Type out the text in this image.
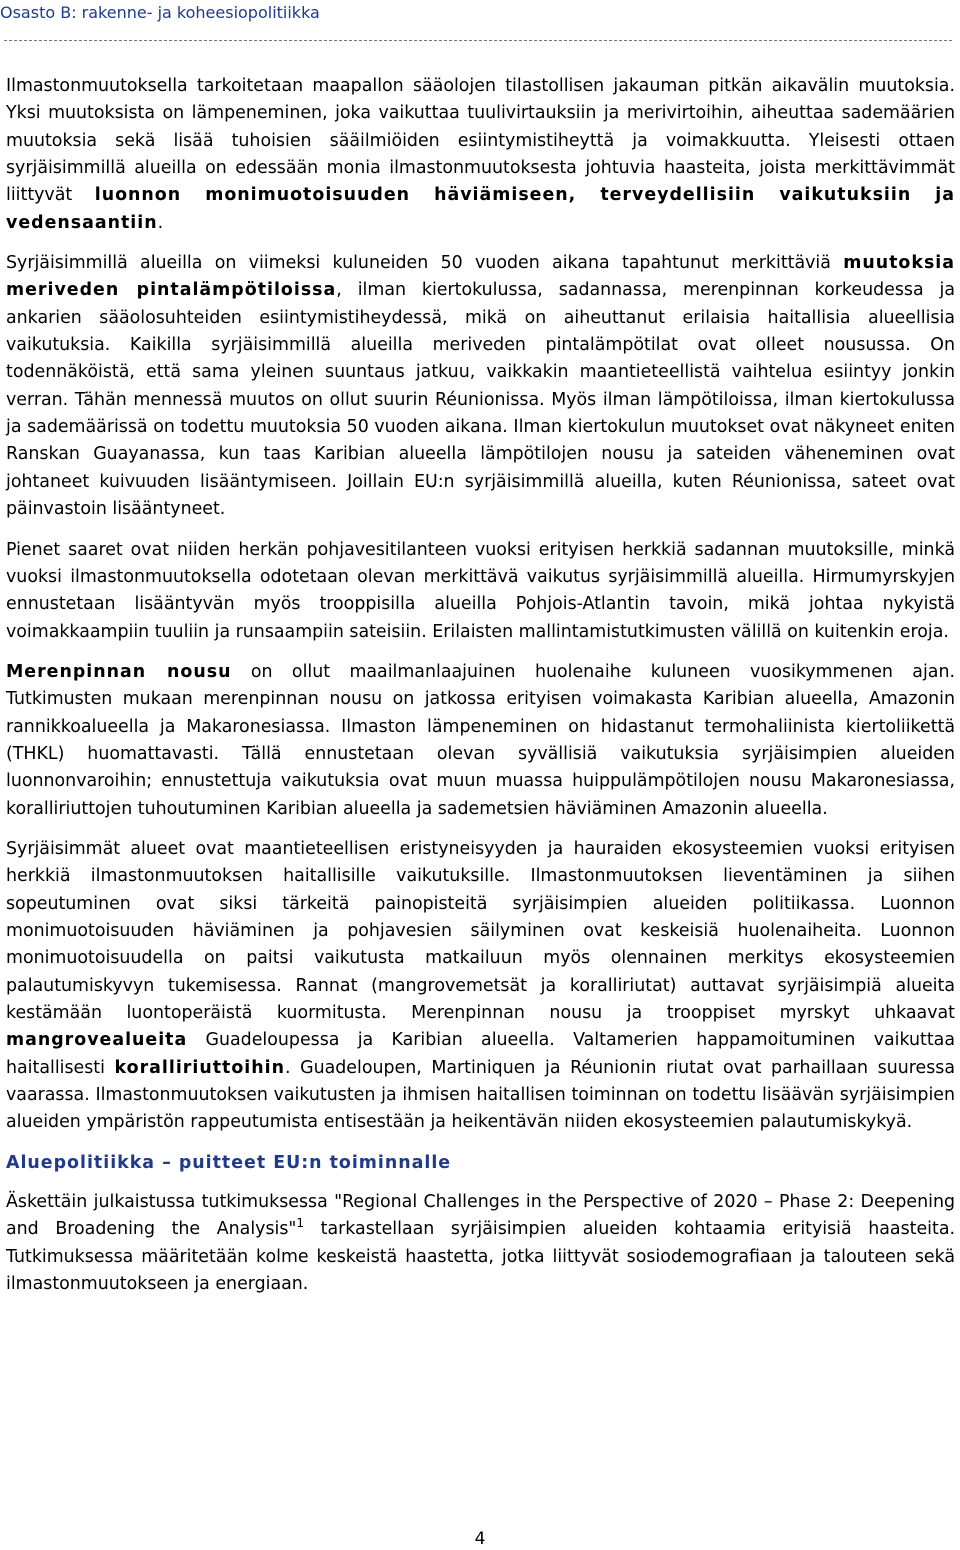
Osasto B: rakenne- ja koheesiopolitiikka

Ilmastonmuutoksella tarkoitetaan maapallon sääolojen tilastollisen jakauman pitkän aikavälin muutoksia. Yksi muutoksista on lämpeneminen, joka vaikuttaa tuulivirtauksiin ja merivirtoihin, aiheuttaa sademäärien muutoksia sekä lisää tuhoisien sääilmiöiden esiintymistiheyttä ja voimakkuutta. Yleisesti ottaen syrjäisimmillä alueilla on edessään monia ilmastonmuutoksesta johtuvia haasteita, joista merkittävimmät liittyvät luonnon monimuotoisuuden häviämiseen, terveydellisiin vaikutuksiin ja vedensaantiin.

Syrjäisimmillä alueilla on viimeksi kuluneiden 50 vuoden aikana tapahtunut merkittäviä muutoksia meriveden pintalämpötiloissa, ilman kiertokulussa, sadannassa, merenpinnan korkeudessa ja ankarien sääolosuhteiden esiintymistiheydessä, mikä on aiheuttanut erilaisia haitallisia alueellisia vaikutuksia. Kaikilla syrjäisimmillä alueilla meriveden pintalämpötilat ovat olleet nousussa. On todennäköistä, että sama yleinen suuntaus jatkuu, vaikkakin maantieteellistä vaihtelua esiintyy jonkin verran. Tähän mennessä muutos on ollut suurin Réunionissa. Myös ilman lämpötiloissa, ilman kiertokulussa ja sademäärissä on todettu muutoksia 50 vuoden aikana. Ilman kiertokulun muutokset ovat näkyneet eniten Ranskan Guayanassa, kun taas Karibian alueella lämpötilojen nousu ja sateiden väheneminen ovat johtaneet kuivuuden lisääntymiseen. Joillain EU:n syrjäisimmillä alueilla, kuten Réunionissa, sateet ovat päinvastoin lisääntyneet.

Pienet saaret ovat niiden herkän pohjavesitilanteen vuoksi erityisen herkkiä sadannan muutoksille, minkä vuoksi ilmastonmuutoksella odotetaan olevan merkittävä vaikutus syrjäisimmillä alueilla. Hirmumyrskyjen ennustetaan lisääntyvän myös trooppisilla alueilla Pohjois-Atlantin tavoin, mikä johtaa nykyistä voimakkaampiin tuuliin ja runsaampiin sateisiin. Erilaisten mallintamistutkimusten välillä on kuitenkin eroja.

Merenpinnan nousu on ollut maailmanlaajuinen huolenaihe kuluneen vuosikymmenen ajan. Tutkimusten mukaan merenpinnan nousu on jatkossa erityisen voimakasta Karibian alueella, Amazonin rannikkoalueella ja Makaronesiassa. Ilmaston lämpeneminen on hidastanut termohaliinista kiertoliikettä (THKL) huomattavasti. Tällä ennustetaan olevan syvällisiä vaikutuksia syrjäisimpien alueiden luonnonvaroihin; ennustettuja vaikutuksia ovat muun muassa huippulämpötilojen nousu Makaronesiassa, koralliriuttojen tuhoutuminen Karibian alueella ja sademetsien häviäminen Amazonin alueella.

Syrjäisimmät alueet ovat maantieteellisen eristyneisyyden ja hauraiden ekosysteemien vuoksi erityisen herkkiä ilmastonmuutoksen haitallisille vaikutuksille. Ilmastonmuutoksen lieventäminen ja siihen sopeutuminen ovat siksi tärkeitä painopisteitä syrjäisimpien alueiden politiikassa. Luonnon monimuotoisuuden häviäminen ja pohjavesien säilyminen ovat keskeisiä huolenaiheita. Luonnon monimuotoisuudella on paitsi vaikutusta matkailuun myös olennainen merkitys ekosysteemien palautumiskyvyn tukemisessa. Rannat (mangrovemetsät ja koralliriutat) auttavat syrjäisimpiä alueita kestämään luontoperäistä kuormitusta. Merenpinnan nousu ja trooppiset myrskyt uhkaavat mangrovealueita Guadeloupessa ja Karibian alueella. Valtamerien happamoituminen vaikuttaa haitallisesti koralliriuttoihin. Guadeloupen, Martiniquen ja Réunionin riutat ovat parhaillaan suuressa vaarassa. Ilmastonmuutoksen vaikutusten ja ihmisen haitallisen toiminnan on todettu lisäävän syrjäisimpien alueiden ympäristön rappeutumista entisestään ja heikentävän niiden ekosysteemien palautumiskykyä.

Aluepolitiikka – puitteet EU:n toiminnalle

Äskettäin julkaistussa tutkimuksessa "Regional Challenges in the Perspective of 2020 – Phase 2: Deepening and Broadening the Analysis"$^1$ tarkastellaan syrjäisimpien alueiden kohtaamia erityisiä haasteita. Tutkimuksessa määritetään kolme keskeistä haastetta, jotka liittyvät sosiodemografiaan ja talouteen sekä ilmastonmuutokseen ja energiaan.

4
